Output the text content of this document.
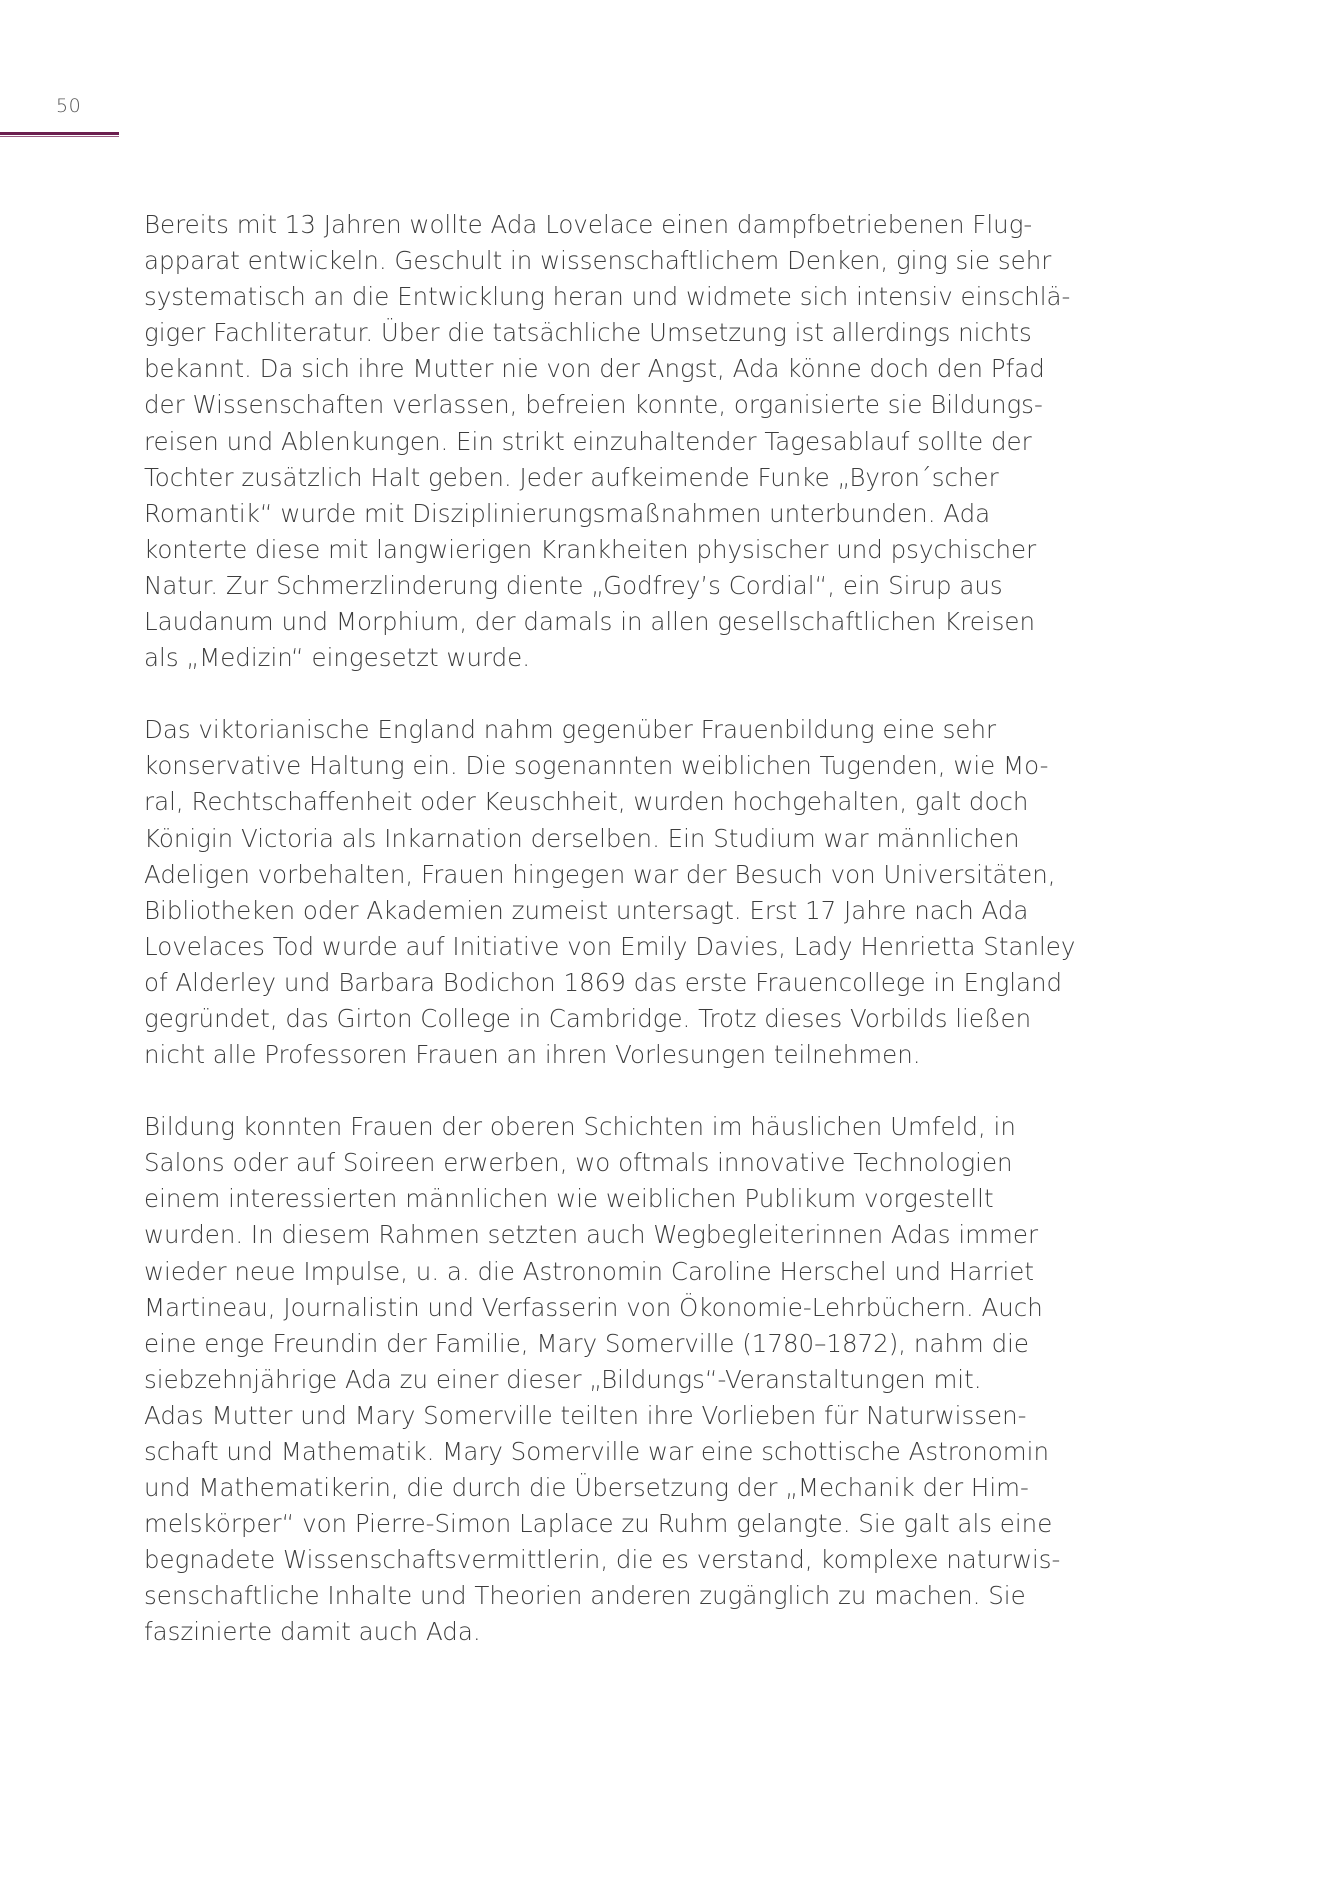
50
Bereits mit 13 Jahren wollte Ada Lovelace einen dampfbetriebenen Flug-
apparat entwickeln. Geschult in wissenschaftlichem Denken, ging sie sehr
systematisch an die Entwicklung heran und widmete sich intensiv einschlä-
giger Fachliteratur. Über die tatsächliche Umsetzung ist allerdings nichts
bekannt. Da sich ihre Mutter nie von der Angst, Ada könne doch den Pfad
der Wissenschaften verlassen, befreien konnte, organisierte sie Bildungs-
reisen und Ablenkungen. Ein strikt einzuhaltender Tagesablauf sollte der
Tochter zusätzlich Halt geben. Jeder aufkeimende Funke „Byron´scher
Romantik“ wurde mit Disziplinierungsmaßnahmen unterbunden. Ada
konterte diese mit langwierigen Krankheiten physischer und psychischer
Natur. Zur Schmerzlinderung diente „Godfrey’s Cordial“, ein Sirup aus
Laudanum und Morphium, der damals in allen gesellschaftlichen Kreisen
als „Medizin“ eingesetzt wurde.
Das viktorianische England nahm gegenüber Frauenbildung eine sehr
konservative Haltung ein. Die sogenannten weiblichen Tugenden, wie Mo-
ral, Rechtschaffenheit oder Keuschheit, wurden hochgehalten, galt doch
Königin Victoria als Inkarnation derselben. Ein Studium war männlichen
Adeligen vorbehalten, Frauen hingegen war der Besuch von Universitäten,
Bibliotheken oder Akademien zumeist untersagt. Erst 17 Jahre nach Ada
Lovelaces Tod wurde auf Initiative von Emily Davies, Lady Henrietta Stanley
of Alderley und Barbara Bodichon 1869 das erste Frauencollege in England
gegründet, das Girton College in Cambridge. Trotz dieses Vorbilds ließen
nicht alle Professoren Frauen an ihren Vorlesungen teilnehmen.
Bildung konnten Frauen der oberen Schichten im häuslichen Umfeld, in
Salons oder auf Soireen erwerben, wo oftmals innovative Technologien
einem interessierten männlichen wie weiblichen Publikum vorgestellt
wurden. In diesem Rahmen setzten auch Wegbegleiterinnen Adas immer
wieder neue Impulse, u. a. die Astronomin Caroline Herschel und Harriet
Martineau, Journalistin und Verfasserin von Ökonomie-Lehrbüchern. Auch
eine enge Freundin der Familie, Mary Somerville (1780–1872), nahm die
siebzehnjährige Ada zu einer dieser „Bildungs“-Veranstaltungen mit.
Adas Mutter und Mary Somerville teilten ihre Vorlieben für Naturwissen-
schaft und Mathematik. Mary Somerville war eine schottische Astronomin
und Mathematikerin, die durch die Übersetzung der „Mechanik der Him-
melskörper“ von Pierre-Simon Laplace zu Ruhm gelangte. Sie galt als eine
begnadete Wissenschaftsvermittlerin, die es verstand, komplexe naturwis-
senschaftliche Inhalte und Theorien anderen zugänglich zu machen. Sie
faszinierte damit auch Ada.
